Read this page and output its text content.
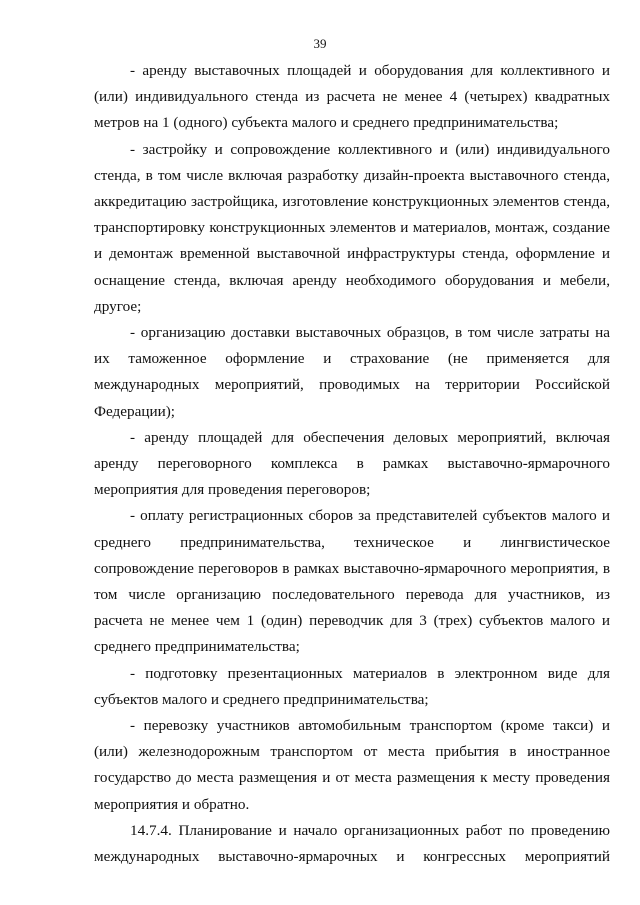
39

- аренду выставочных площадей и оборудования для коллективного и (или) индивидуального стенда из расчета не менее 4 (четырех) квадратных метров на 1 (одного) субъекта малого и среднего предпринимательства;

- застройку и сопровождение коллективного и (или) индивидуального стенда, в том числе включая разработку дизайн-проекта выставочного стенда, аккредитацию застройщика, изготовление конструкционных элементов стенда, транспортировку конструкционных элементов и материалов, монтаж, создание и демонтаж временной выставочной инфраструктуры стенда, оформление и оснащение стенда, включая аренду необходимого оборудования и мебели, другое;

- организацию доставки выставочных образцов, в том числе затраты на их таможенное оформление и страхование (не применяется для международных мероприятий, проводимых на территории Российской Федерации);

- аренду площадей для обеспечения деловых мероприятий, включая аренду переговорного комплекса в рамках выставочно-ярмарочного мероприятия для проведения переговоров;

- оплату регистрационных сборов за представителей субъектов малого и среднего предпринимательства, техническое и лингвистическое сопровождение переговоров в рамках выставочно-ярмарочного мероприятия, в том числе организацию последовательного перевода для участников, из расчета не менее чем 1 (один) переводчик для 3 (трех) субъектов малого и среднего предпринимательства;

- подготовку презентационных материалов в электронном виде для субъектов малого и среднего предпринимательства;

- перевозку участников автомобильным транспортом (кроме такси) и (или) железнодорожным транспортом от места прибытия в иностранное государство до места размещения и от места размещения к месту проведения мероприятия и обратно.

14.7.4. Планирование и начало организационных работ по проведению международных выставочно-ярмарочных и конгрессных мероприятий
